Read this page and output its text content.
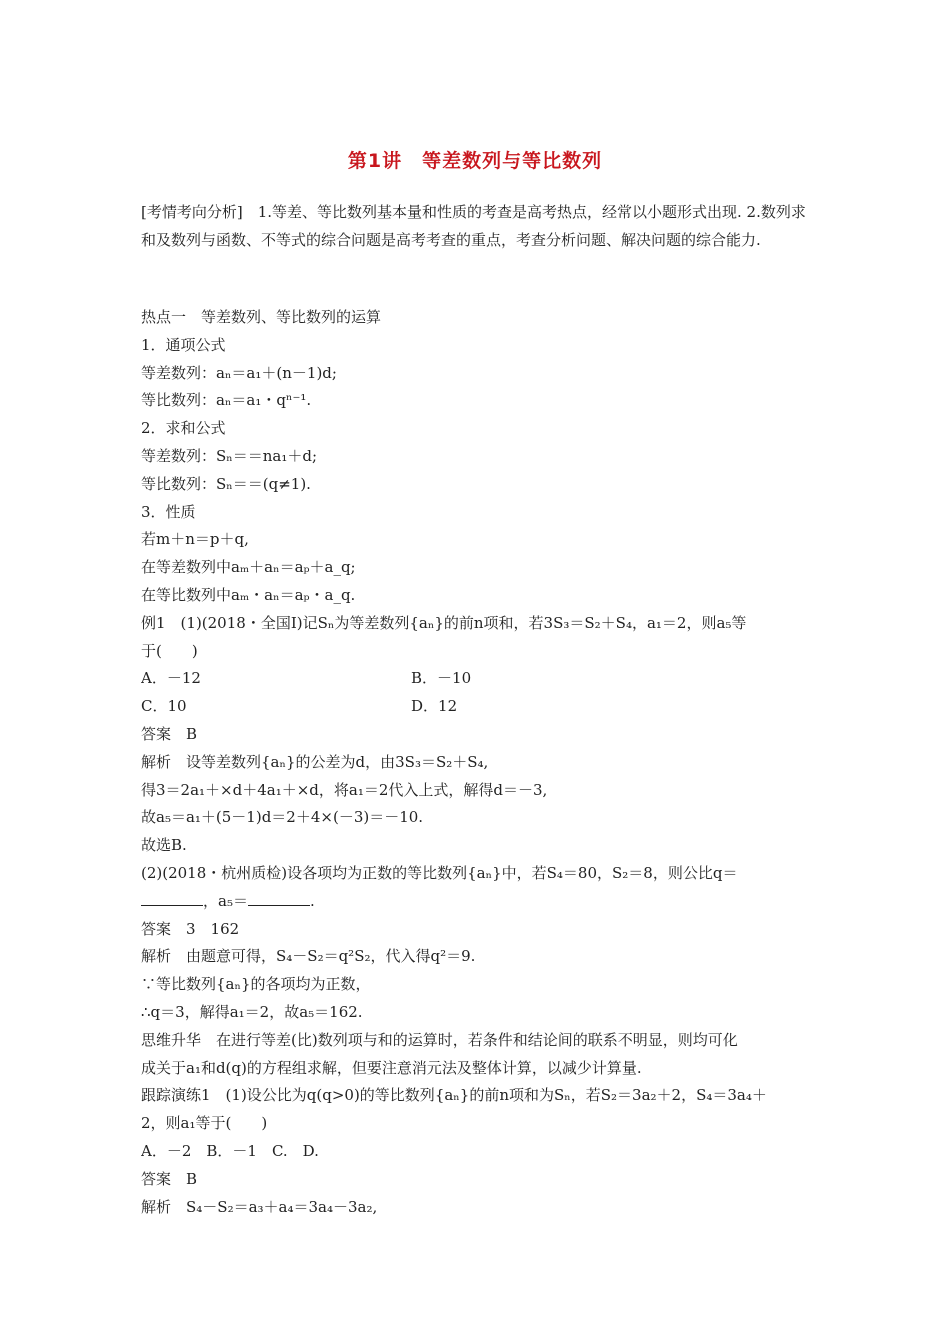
第1讲　等差数列与等比数列

[考情考向分析]　1.等差、等比数列基本量和性质的考查是高考热点，经常以小题形式出现. 2.数列求和及数列与函数、不等式的综合问题是高考考查的重点，考查分析问题、解决问题的综合能力.

热点一　等差数列、等比数列的运算
1．通项公式
等差数列：aₙ＝a₁＋(n－1)d;
等比数列：aₙ＝a₁・qⁿ⁻¹.
2．求和公式
等差数列：Sₙ＝＝na₁＋d;
等比数列：Sₙ＝＝(q≠1).
3．性质
若m＋n＝p＋q,
在等差数列中aₘ＋aₙ＝aₚ＋a_q;
在等比数列中aₘ・aₙ＝aₚ・a_q.
例1　(1)(2018・全国Ⅰ)记Sₙ为等差数列{aₙ}的前n项和，若3S₃＝S₂＋S₄，a₁＝2，则a₅等
于(　　)
A．－12	B．－10
C．10	D．12
答案　B
解析　设等差数列{aₙ}的公差为d，由3S₃＝S₂＋S₄,
得3＝2a₁＋×d＋4a₁＋×d，将a₁＝2代入上式，解得d＝－3,
故a₅＝a₁＋(5－1)d＝2＋4×(－3)＝－10.
故选B.
(2)(2018・杭州质检)设各项均为正数的等比数列{aₙ}中，若S₄＝80，S₂＝8，则公比q＝
，a₅＝	.
答案　3　162
解析　由题意可得，S₄－S₂＝q²S₂，代入得q²＝9.
∵等比数列{aₙ}的各项均为正数，
∴q＝3，解得a₁＝2，故a₅＝162.
思维升华　在进行等差(比)数列项与和的运算时，若条件和结论间的联系不明显，则均可化
成关于a₁和d(q)的方程组求解，但要注意消元法及整体计算，以减少计算量.
跟踪演练1　(1)设公比为q(q>0)的等比数列{aₙ}的前n项和为Sₙ，若S₂＝3a₂＋2，S₄＝3a₄＋
2，则a₁等于(　　)
A．－2　B．－1　C.　D.
答案　B
解析　S₄－S₂＝a₃＋a₄＝3a₄－3a₂,
